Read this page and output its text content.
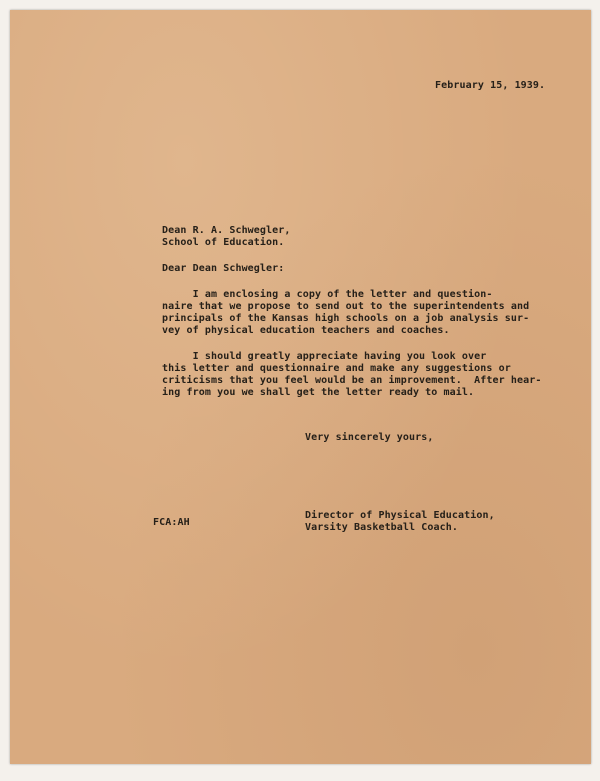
February 15, 1939.
Dean R. A. Schwegler,
School of Education.
Dear Dean Schwegler:
I am enclosing a copy of the letter and question-
naire that we propose to send out to the superintendents and
principals of the Kansas high schools on a job analysis sur-
vey of physical education teachers and coaches.
I should greatly appreciate having you look over
this letter and questionnaire and make any suggestions or
criticisms that you feel would be an improvement.  After hear-
ing from you we shall get the letter ready to mail.
Very sincerely yours,
Director of Physical Education,
Varsity Basketball Coach.
FCA:AH
